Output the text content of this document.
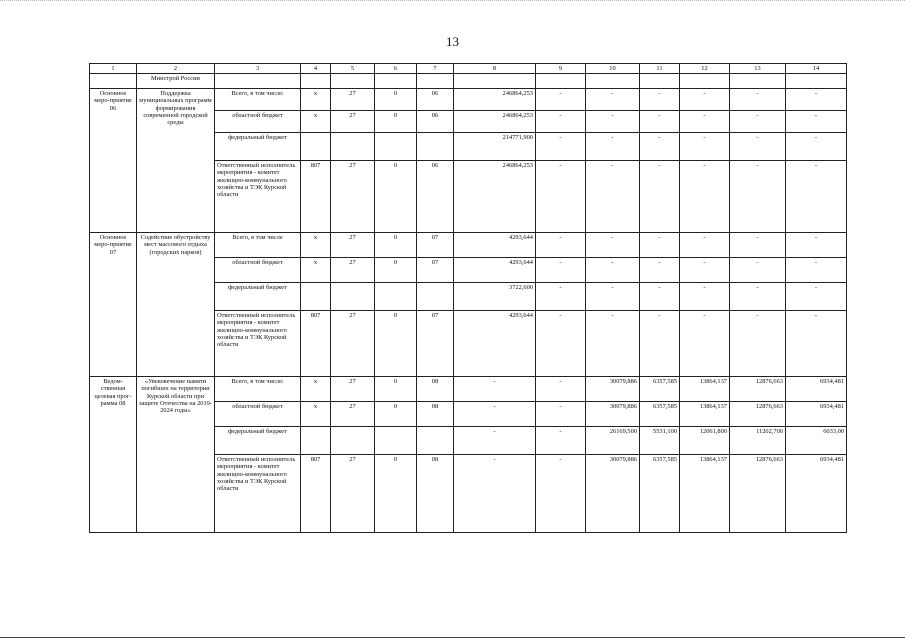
13
1	2	3	4	5	6	7	8	9	10	11	12	13	14
	Минстрой России												
Основное меро-приятие 06	Поддержка муниципальных программ формирования современной городской среды	Всего, в том числе:	х	27	0	06	246864,253	-	-	-	-	-	-
		областной бюджет	х	27	0	06	246864,253	-	-	-	-	-	-
		федеральный бюджет					214771,900	-	-	-	-	-	-
		Ответственный исполнитель мероприятия - комитет жилищно-коммунального хозяйства и ТЭК Курской области	807	27	0	06	246864,253	-	-	-	-	-	-
Основное меро-приятие 07	Содействие обустройству мест массового отдыха (городских парков)	Всего, в том числе	х	27	0	07	4293,644	-	-	-	-	-	-
		областной бюджет	х	27	0	07	4293,644	-	-	-	-	-	-
		федеральный бюджет					3722,600	-	-	-	-	-	-
		Ответственный исполнитель мероприятия - комитет жилищно-коммунального хозяйства и ТЭК Курской области	807	27	0	07	4293,644	-	-	-	-	-	-
Ведом-ственная целевая прог-рамма 08	«Увековечение памяти погибших на территории Курской области при защите Отечества на 2019-2024 годы»	Всего, в том числе:	х	27	0	08	-	-	30079,886	6357,585	13864,137	12876,663	6934,481
		областной бюджет	х	27	0	08	-	-	30079,886	6357,585	13864,137	12876,663	6934,481
		федеральный бюджет					-	-	26169,500	5531,100	12061,800	11202,700	6033,00
		Ответственный исполнитель мероприятия - комитет жилищно-коммунального хозяйства и ТЭК Курской области	807	27	0	08	-	-	30079,886	6357,585	13864,137	12876,663	6934,481
